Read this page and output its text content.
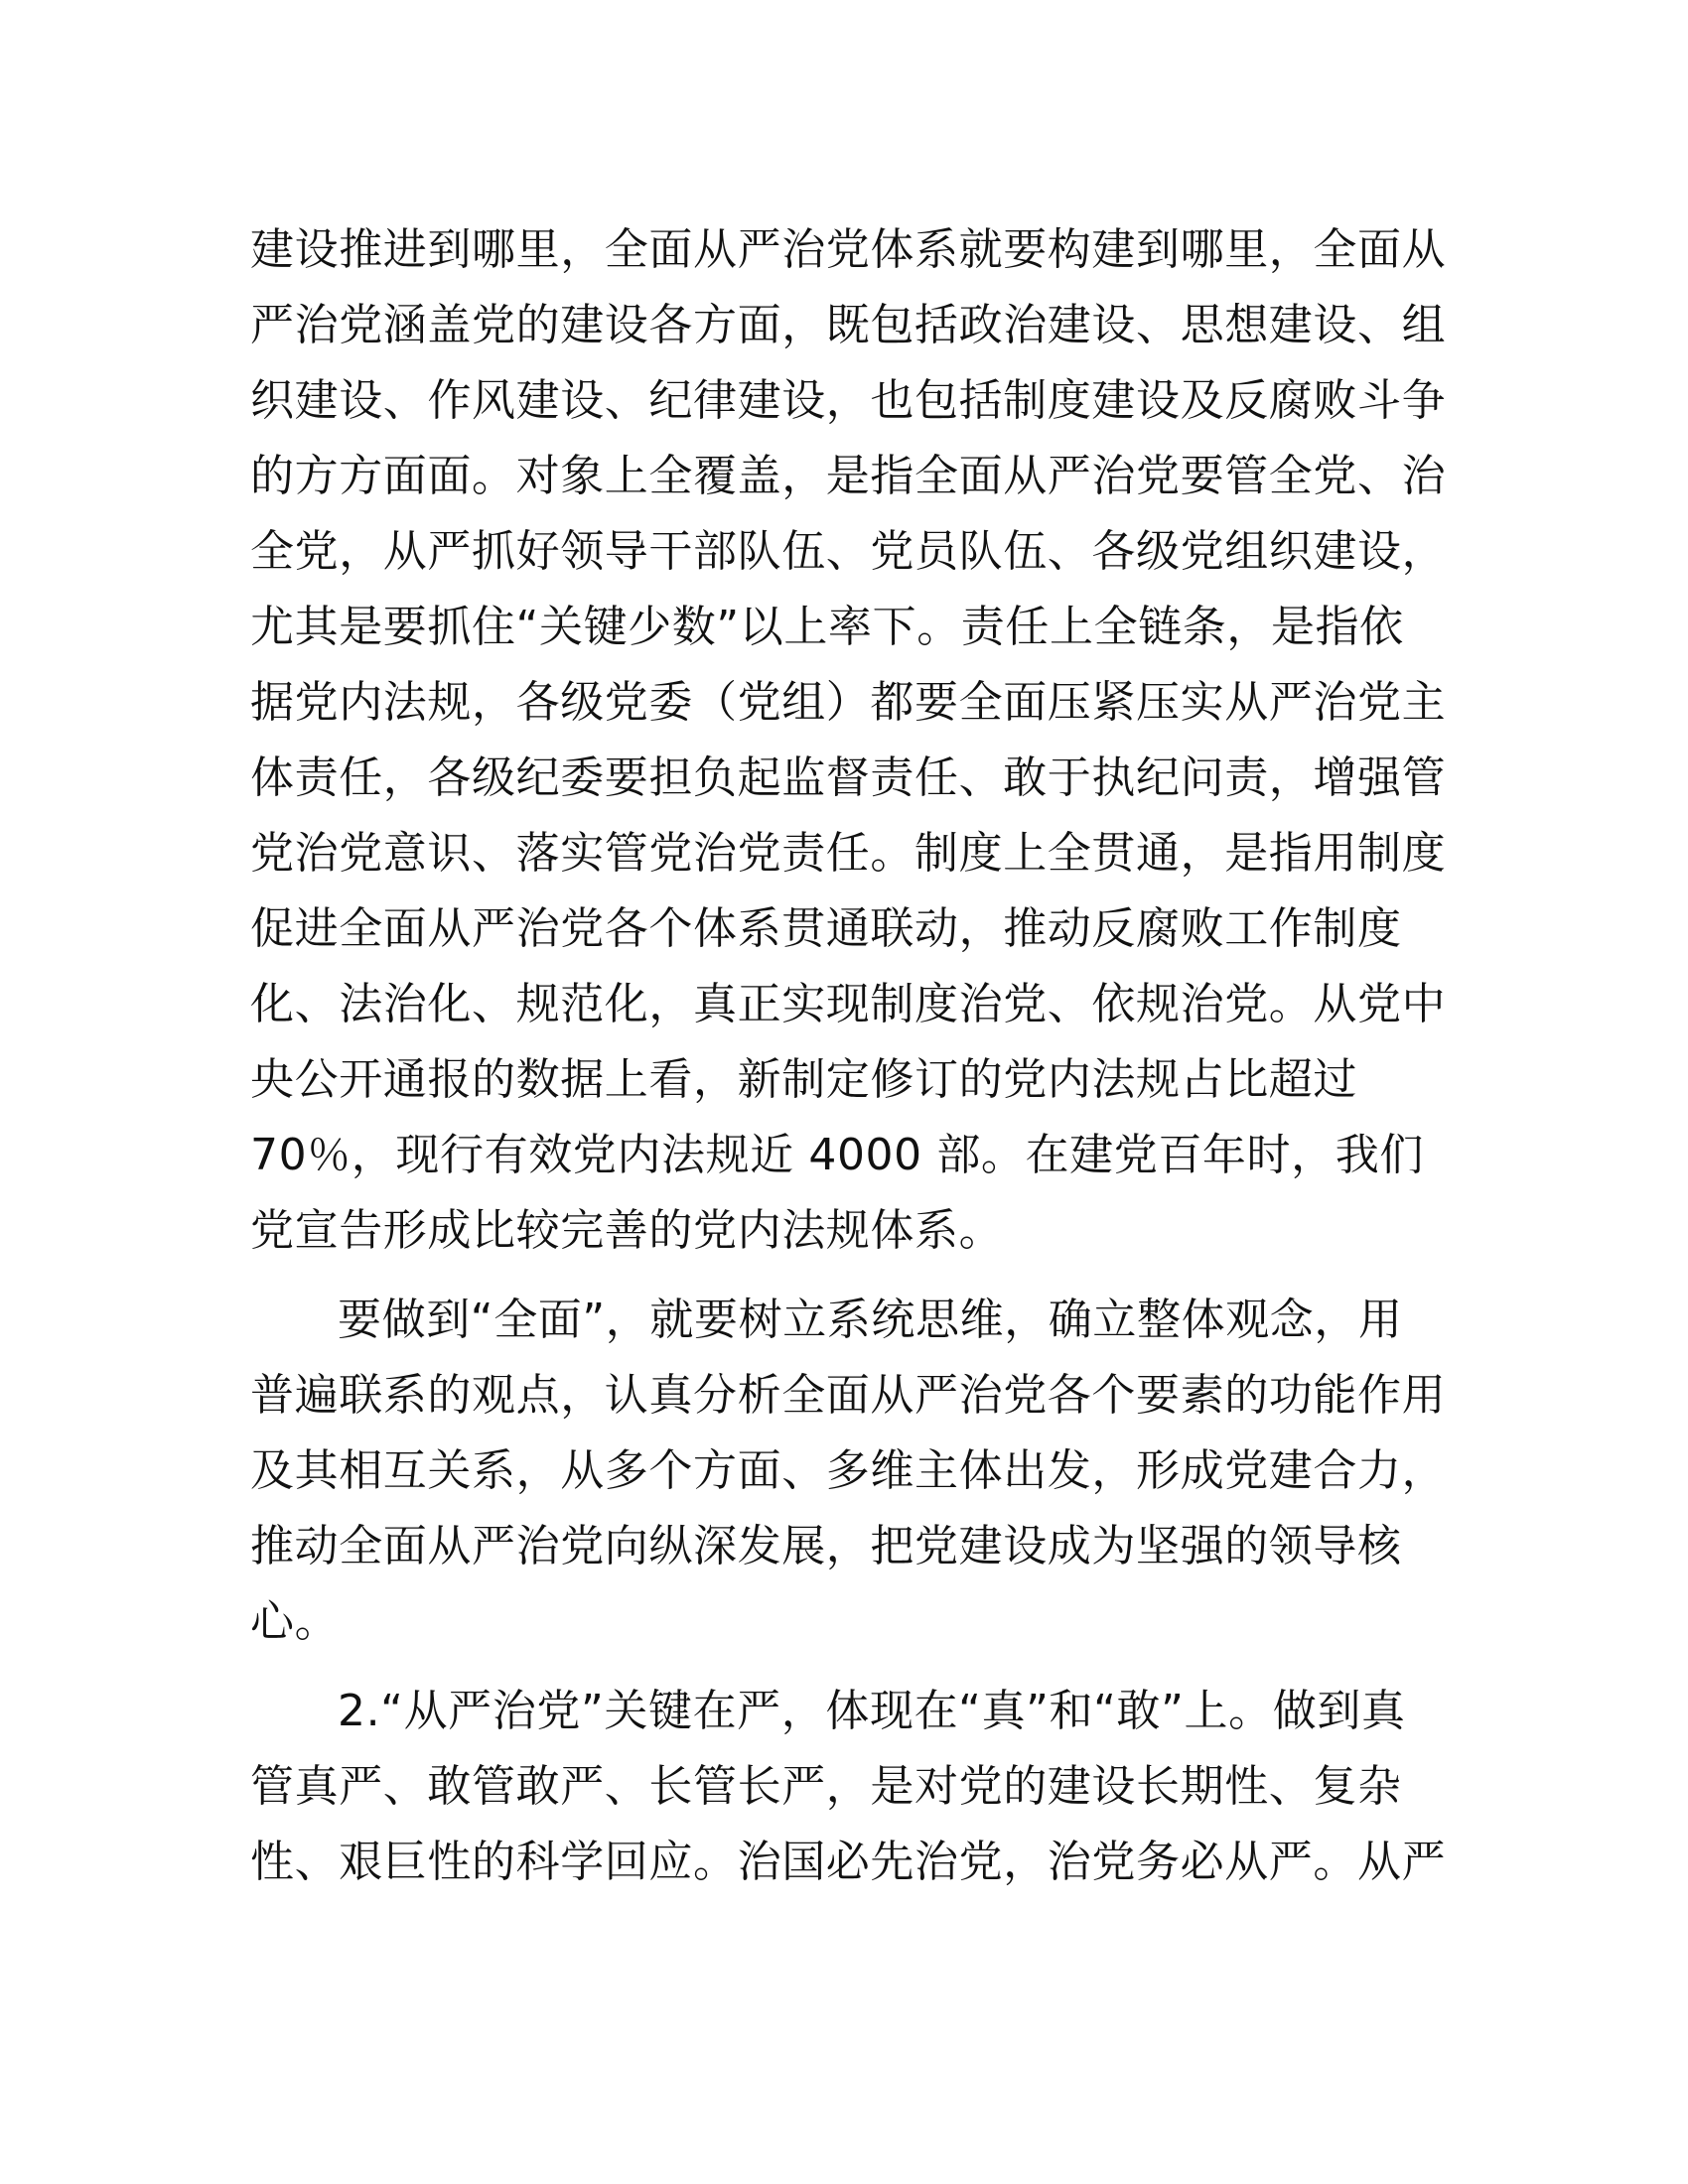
建设推进到哪里，全面从严治党体系就要构建到哪里，全面从
严治党涵盖党的建设各方面，既包括政治建设、思想建设、组
织建设、作风建设、纪律建设，也包括制度建设及反腐败斗争
的方方面面。对象上全覆盖，是指全面从严治党要管全党、治
全党，从严抓好领导干部队伍、党员队伍、各级党组织建设，
尤其是要抓住“关键少数”以上率下。责任上全链条，是指依
据党内法规，各级党委（党组）都要全面压紧压实从严治党主
体责任，各级纪委要担负起监督责任、敢于执纪问责，增强管
党治党意识、落实管党治党责任。制度上全贯通，是指用制度
促进全面从严治党各个体系贯通联动，推动反腐败工作制度
化、法治化、规范化，真正实现制度治党、依规治党。从党中
央公开通报的数据上看，新制定修订的党内法规占比超过
70％，现行有效党内法规近 4000 部。在建党百年时，我们
党宣告形成比较完善的党内法规体系。
要做到“全面”，就要树立系统思维，确立整体观念，用
普遍联系的观点，认真分析全面从严治党各个要素的功能作用
及其相互关系，从多个方面、多维主体出发，形成党建合力，
推动全面从严治党向纵深发展，把党建设成为坚强的领导核
心。
2.“从严治党”关键在严，体现在“真”和“敢”上。做到真
管真严、敢管敢严、长管长严，是对党的建设长期性、复杂
性、艰巨性的科学回应。治国必先治党，治党务必从严。从严
